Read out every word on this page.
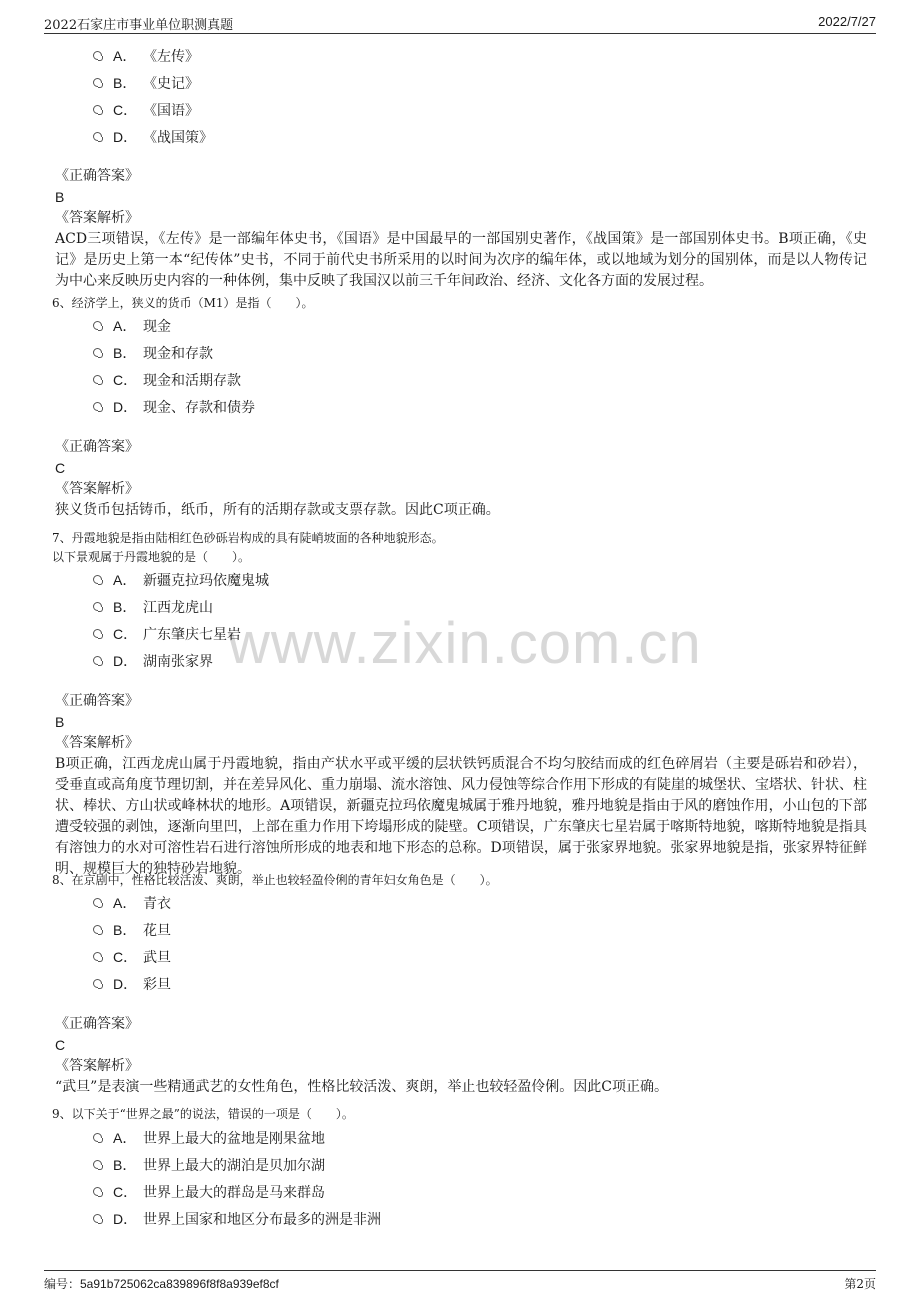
2022石家庄市事业单位职测真题	2022/7/27
www.zixin.com.cn
A． 《左传》
B． 《史记》
C． 《国语》
D． 《战国策》
《正确答案》
B
《答案解析》
ACD三项错误，《左传》是一部编年体史书，《国语》是中国最早的一部国别史著作，《战国策》是一部国别体史书。B项正确，《史记》是历史上第一本“纪传体”史书，不同于前代史书所采用的以时间为次序的编年体，或以地域为划分的国别体，而是以人物传记为中心来反映历史内容的一种体例，集中反映了我国汉以前三千年间政治、经济、文化各方面的发展过程。
6、经济学上，狭义的货币（M1）是指（　　）。
A． 现金
B． 现金和存款
C． 现金和活期存款
D． 现金、存款和债券
《正确答案》
C
《答案解析》
狭义货币包括铸币，纸币，所有的活期存款或支票存款。因此C项正确。
7、丹霞地貌是指由陆相红色砂砾岩构成的具有陡峭坡面的各种地貌形态。
以下景观属于丹霞地貌的是（　　）。
A． 新疆克拉玛依魔鬼城
B． 江西龙虎山
C． 广东肇庆七星岩
D． 湖南张家界
《正确答案》
B
《答案解析》
B项正确，江西龙虎山属于丹霞地貌，指由产状水平或平缓的层状铁钙质混合不均匀胶结而成的红色碎屑岩（主要是砾岩和砂岩），受垂直或高角度节理切割，并在差异风化、重力崩塌、流水溶蚀、风力侵蚀等综合作用下形成的有陡崖的城堡状、宝塔状、针状、柱状、棒状、方山状或峰林状的地形。A项错误，新疆克拉玛依魔鬼城属于雅丹地貌，雅丹地貌是指由于风的磨蚀作用，小山包的下部遭受较强的剥蚀，逐渐向里凹，上部在重力作用下垮塌形成的陡壁。C项错误，广东肇庆七星岩属于喀斯特地貌，喀斯特地貌是指具有溶蚀力的水对可溶性岩石进行溶蚀所形成的地表和地下形态的总称。D项错误，属于张家界地貌。张家界地貌是指，张家界特征鲜明、规模巨大的独特砂岩地貌。
8、在京剧中，性格比较活泼、爽朗，举止也较轻盈伶俐的青年妇女角色是（　　）。
A． 青衣
B． 花旦
C． 武旦
D． 彩旦
《正确答案》
C
《答案解析》
“武旦”是表演一些精通武艺的女性角色，性格比较活泼、爽朗，举止也较轻盈伶俐。因此C项正确。
9、以下关于“世界之最”的说法，错误的一项是（　　）。
A． 世界上最大的盆地是刚果盆地
B． 世界上最大的湖泊是贝加尔湖
C． 世界上最大的群岛是马来群岛
D． 世界上国家和地区分布最多的洲是非洲
编号：5a91b725062ca839896f8f8a939ef8cf	第2页
